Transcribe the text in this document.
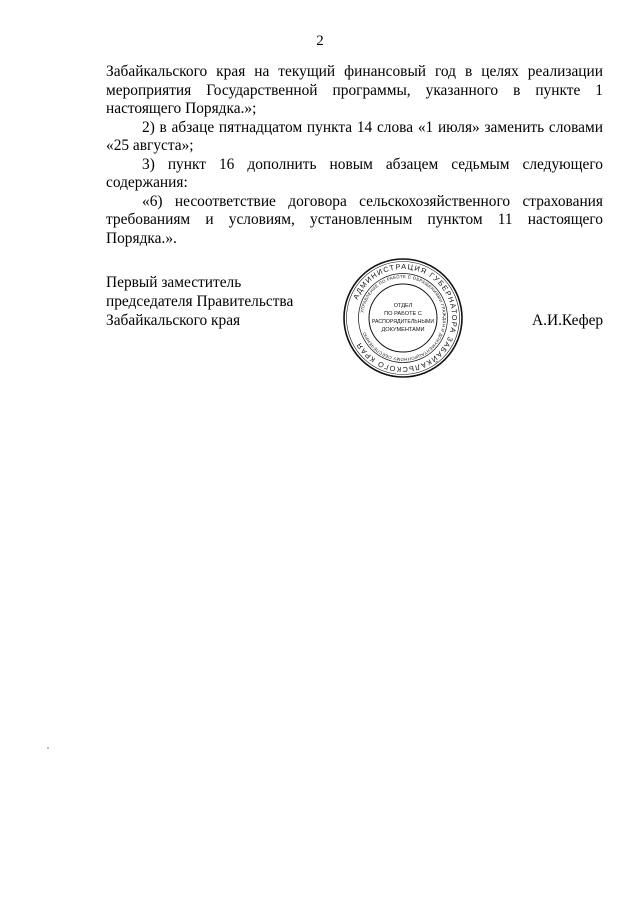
2

Забайкальского края на текущий финансовый год в целях реализации мероприятия Государственной программы, указанного в пункте 1 настоящего Порядка.»;

2) в абзаце пятнадцатом пункта 14 слова «1 июля» заменить словами «25 августа»;

3) пункт 16 дополнить новым абзацем седьмым следующего содержания:

«6) несоответствие договора сельскохозяйственного страхования требованиям и условиям, установленным пунктом 11 настоящего Порядка.».

Первый заместитель
председателя Правительства
Забайкальского края	А.И.Кефер
АДМИНИСТРАЦИЯ ГУБЕРНАТОРА ЗАБАЙКАЛЬСКОГО КРАЯ
УПРАВЛЕНИЕ ПО РАБОТЕ С ОБРАЩЕНИЯМИ ГРАЖДАН И ДОКУМЕНТАЦИОННОМУ ОБЕСПЕЧЕНИЮ
ОТДЕЛ
ПО РАБОТЕ С
РАСПОРЯДИТЕЛЬНЫМИ
ДОКУМЕНТАМИ
